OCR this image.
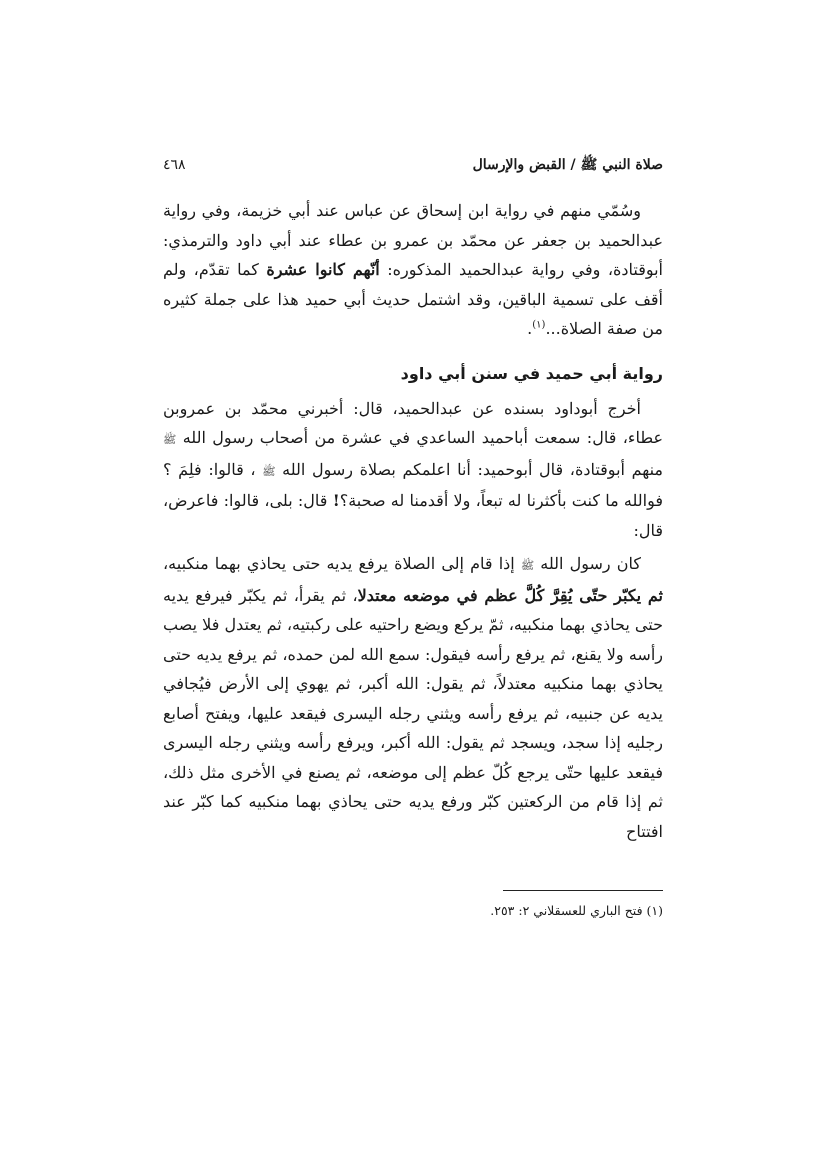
صلاة النبي ﷺ / القبض والإرسال
٤٦٨

وسُمّي منهم في رواية ابن إسحاق عن عباس عند أبي خزيمة، وفي رواية عبدالحميد بن جعفر عن محمّد بن عمرو بن عطاء عند أبي داود والترمذي: أبوقتادة، وفي رواية عبدالحميد المذكوره: أنّهم كانوا عشرة كما تقدّم، ولم أقف على تسمية الباقين، وقد اشتمل حديث أبي حميد هذا على جملة كثيره من صفة الصلاة...$^{(١)}$.

رواية أبي حميد في سنن أبي داود

أخرج أبوداود بسنده عن عبدالحميد، قال: أخبرني محمّد بن عمروبن عطاء، قال: سمعت أباحميد الساعدي في عشرة من أصحاب رسول الله ﷺ منهم أبوقتادة، قال أبوحميد: أنا اعلمكم بصلاة رسول الله ﷺ ، قالوا: فلِمَ ؟ فوالله ما كنت بأكثرنا له تبعاً، ولا أقدمنا له صحبة؟! قال: بلى، قالوا: فاعرض، قال:

كان رسول الله ﷺ إذا قام إلى الصلاة يرفع يديه حتى يحاذي بهما منكبيه، ثم يكبّر حتّى يُقِرَّ كُلَّ عظم في موضعه معتدلا، ثم يقرأ، ثم يكبّر فيرفع يديه حتى يحاذي بهما منكبيه، ثمّ يركع ويضع راحتيه على ركبتيه، ثم يعتدل فلا يصب رأسه ولا يقنع، ثم يرفع رأسه فيقول: سمع الله لمن حمده، ثم يرفع يديه حتى يحاذي بهما منكبيه معتدلاً، ثم يقول: الله أكبر، ثم يهوي إلى الأرض فيُجافي يديه عن جنبيه، ثم يرفع رأسه ويثني رجله اليسرى فيقعد عليها، ويفتح أصابع رجليه إذا سجد، ويسجد ثم يقول: الله أكبر، ويرفع رأسه ويثني رجله اليسرى فيقعد عليها حتّى يرجع كُلّ عظم إلى موضعه، ثم يصنع في الأخرى مثل ذلك، ثم إذا قام من الركعتين كبّر ورفع يديه حتى يحاذي بهما منكبيه كما كبّر عند افتتاح

(١) فتح الباري للعسقلاني ٢: ٢٥٣.
